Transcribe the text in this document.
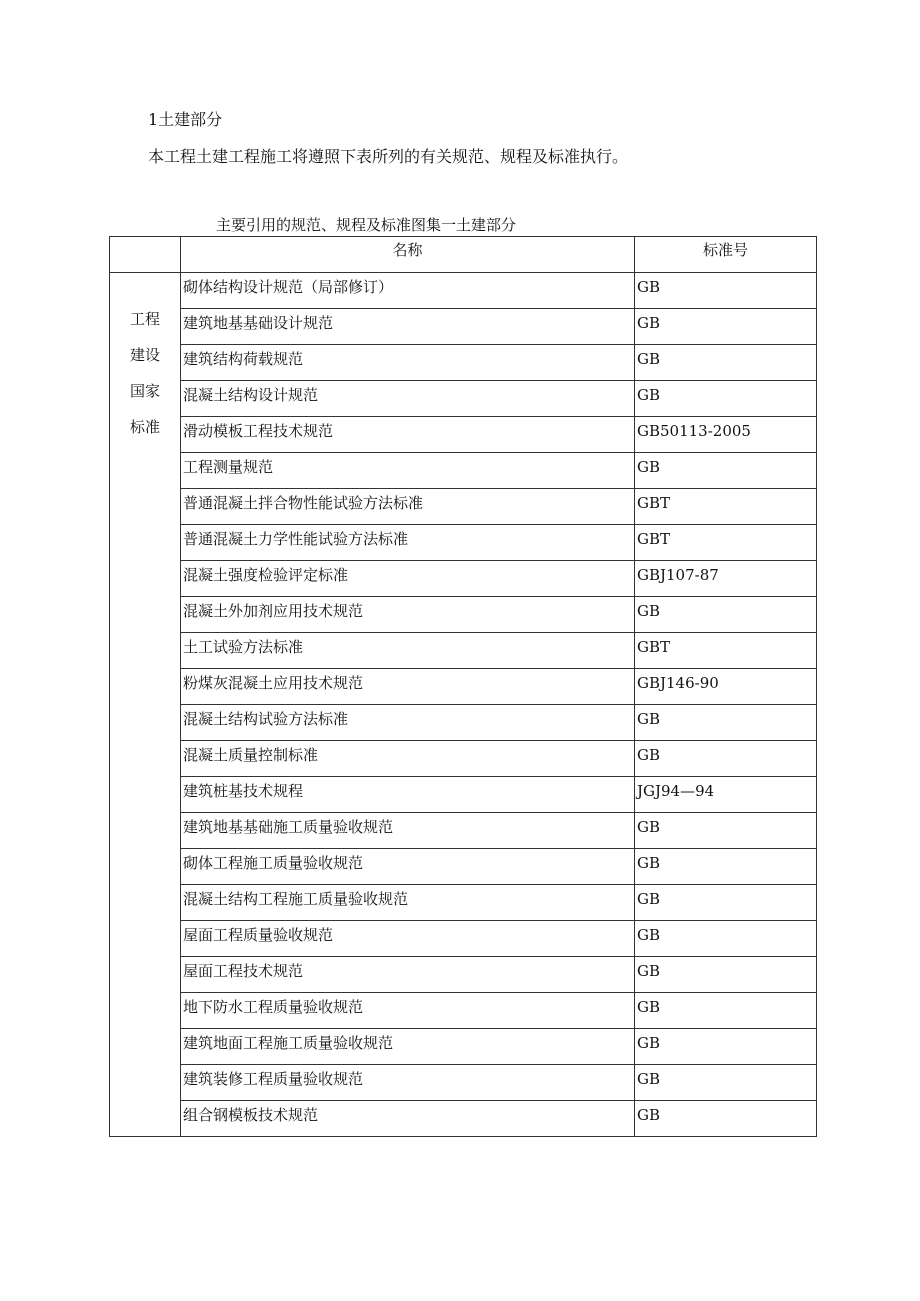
1土建部分
本工程土建工程施工将遵照下表所列的有关规范、规程及标准执行。
主要引用的规范、规程及标准图集一土建部分

	名称	标准号

工程建设国家标准	砌体结构设计规范（局部修订）	GB

	建筑地基基础设计规范	GB

	建筑结构荷载规范	GB

	混凝土结构设计规范	GB

	滑动模板工程技术规范	GB50113-2005

	工程测量规范	GB

	普通混凝土拌合物性能试验方法标准	GBT

	普通混凝土力学性能试验方法标准	GBT

	混凝土强度检验评定标准	GBJ107-87

	混凝土外加剂应用技术规范	GB

	土工试验方法标准	GBT

	粉煤灰混凝土应用技术规范	GBJ146-90

	混凝土结构试验方法标准	GB

	混凝土质量控制标准	GB

	建筑桩基技术规程	JGJ94—94

	建筑地基基础施工质量验收规范	GB

	砌体工程施工质量验收规范	GB

	混凝土结构工程施工质量验收规范	GB

	屋面工程质量验收规范	GB

	屋面工程技术规范	GB

	地下防水工程质量验收规范	GB

	建筑地面工程施工质量验收规范	GB

	建筑装修工程质量验收规范	GB

	组合钢模板技术规范	GB
